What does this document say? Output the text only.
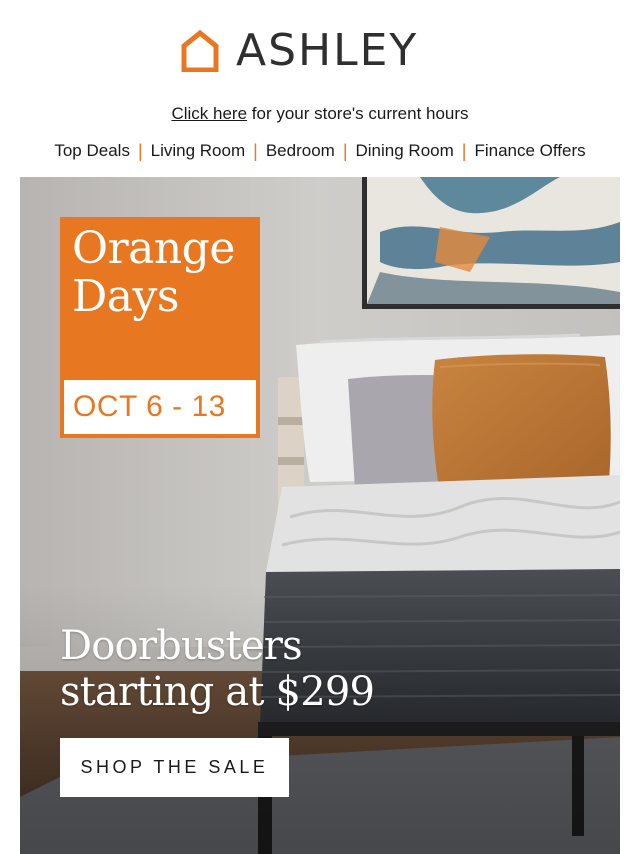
ASHLEY
Click here for your store's current hours
Top Deals | Living Room | Bedroom | Dining Room | Finance Offers
Orange
Days
OCT 6 - 13
Doorbusters
starting at $299
SHOP THE SALE
